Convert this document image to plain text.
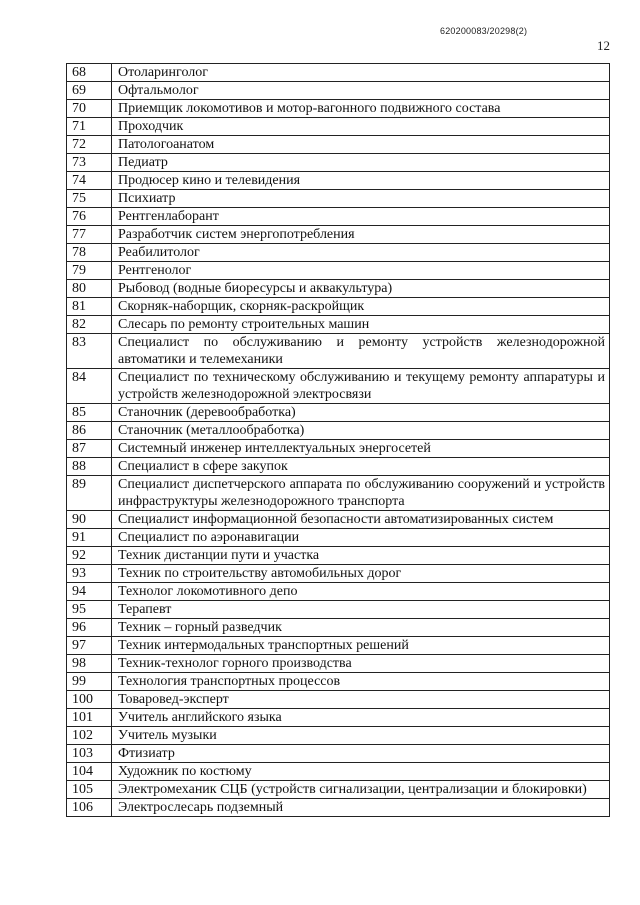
620200083/20298(2)
12
68	Отоларинголог
69	Офтальмолог
70	Приемщик локомотивов и мотор-вагонного подвижного состава
71	Проходчик
72	Патологоанатом
73	Педиатр
74	Продюсер кино и телевидения
75	Психиатр
76	Рентгенлаборант
77	Разработчик систем энергопотребления
78	Реабилитолог
79	Рентгенолог
80	Рыбовод (водные биоресурсы и аквакультура)
81	Скорняк-наборщик, скорняк-раскройщик
82	Слесарь по ремонту строительных машин
83	Специалист по обслуживанию и ремонту устройств железнодорожной автоматики и телемеханики
84	Специалист по техническому обслуживанию и текущему ремонту аппаратуры и устройств железнодорожной электросвязи
85	Станочник (деревообработка)
86	Станочник (металлообработка)
87	Системный инженер интеллектуальных энергосетей
88	Специалист в сфере закупок
89	Специалист диспетчерского аппарата по обслуживанию сооружений и устройств инфраструктуры железнодорожного транспорта
90	Специалист информационной безопасности автоматизированных систем
91	Специалист по аэронавигации
92	Техник дистанции пути и участка
93	Техник по строительству автомобильных дорог
94	Технолог локомотивного депо
95	Терапевт
96	Техник – горный разведчик
97	Техник интермодальных транспортных решений
98	Техник-технолог горного производства
99	Технология транспортных процессов
100	Товаровед-эксперт
101	Учитель английского языка
102	Учитель музыки
103	Фтизиатр
104	Художник по костюму
105	Электромеханик СЦБ (устройств сигнализации, централизации и блокировки)
106	Электрослесарь подземный
